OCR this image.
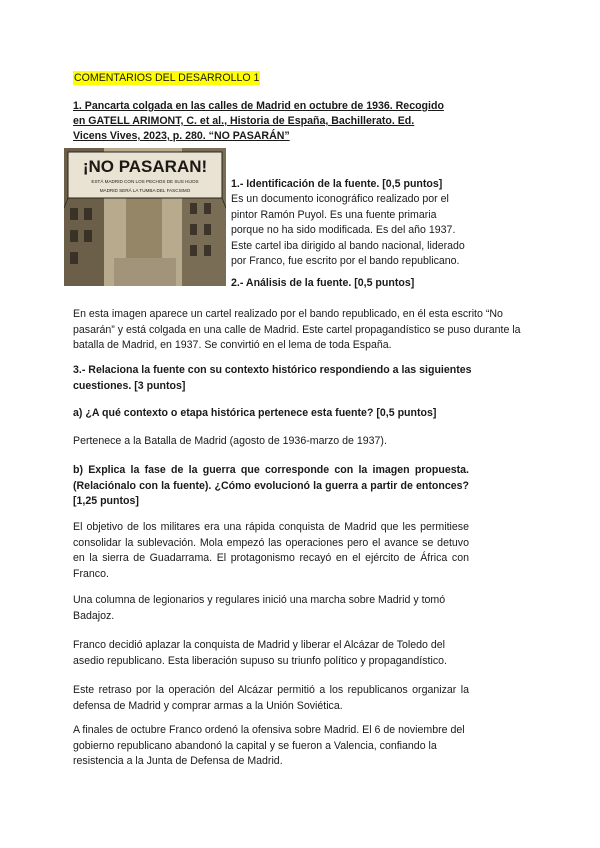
COMENTARIOS DEL DESARROLLO 1
1. Pancarta colgada en las calles de Madrid en octubre de 1936. Recogido
en GATELL ARIMONT, C. et al., Historia de España, Bachillerato. Ed.
Vicens Vives, 2023, p. 280. “NO PASARÁN”
¡NO PASARAN!
ESTÁ MADRID CON LOS PECHOS DE SUS HIJOS
MADRID SERÁ LA TUMBA DEL FASCISMO
1.- Identificación de la fuente. [0,5 puntos]
Es un documento iconográfico realizado por el pintor Ramón Puyol. Es una fuente primaria porque no ha sido modificada. Es del año 1937. Este cartel iba dirigido al bando nacional, liderado por Franco, fue escrito por el bando republicano.
2.- Análisis de la fuente. [0,5 puntos]
En esta imagen aparece un cartel realizado por el bando republicado, en él esta escrito “No pasarán” y está colgada en una calle de Madrid. Este cartel propagandístico se puso durante la batalla de Madrid, en 1937. Se convirtió en el lema de toda España.
3.- Relaciona la fuente con su contexto histórico respondiendo a las siguientes cuestiones. [3 puntos]
a) ¿A qué contexto o etapa histórica pertenece esta fuente? [0,5 puntos]
Pertenece a la Batalla de Madrid (agosto de 1936-marzo de 1937).
b) Explica la fase de la guerra que corresponde con la imagen propuesta. (Relaciónalo con la fuente). ¿Cómo evolucionó la guerra a partir de entonces? [1,25 puntos]
El objetivo de los militares era una rápida conquista de Madrid que les permitiese consolidar la sublevación. Mola empezó las operaciones pero el avance se detuvo en la sierra de Guadarrama. El protagonismo recayó en el ejército de África con Franco.
Una columna de legionarios y regulares inició una marcha sobre Madrid y tomó Badajoz.
Franco decidió aplazar la conquista de Madrid y liberar el Alcázar de Toledo del asedio republicano. Esta liberación supuso su triunfo político y propagandístico.
Este retraso por la operación del Alcázar permitió a los republicanos organizar la defensa de Madrid y comprar armas a la Unión Soviética.
A finales de octubre Franco ordenó la ofensiva sobre Madrid. El 6 de noviembre del gobierno republicano abandonó la capital y se fueron a Valencia, confiando la resistencia a la Junta de Defensa de Madrid.
